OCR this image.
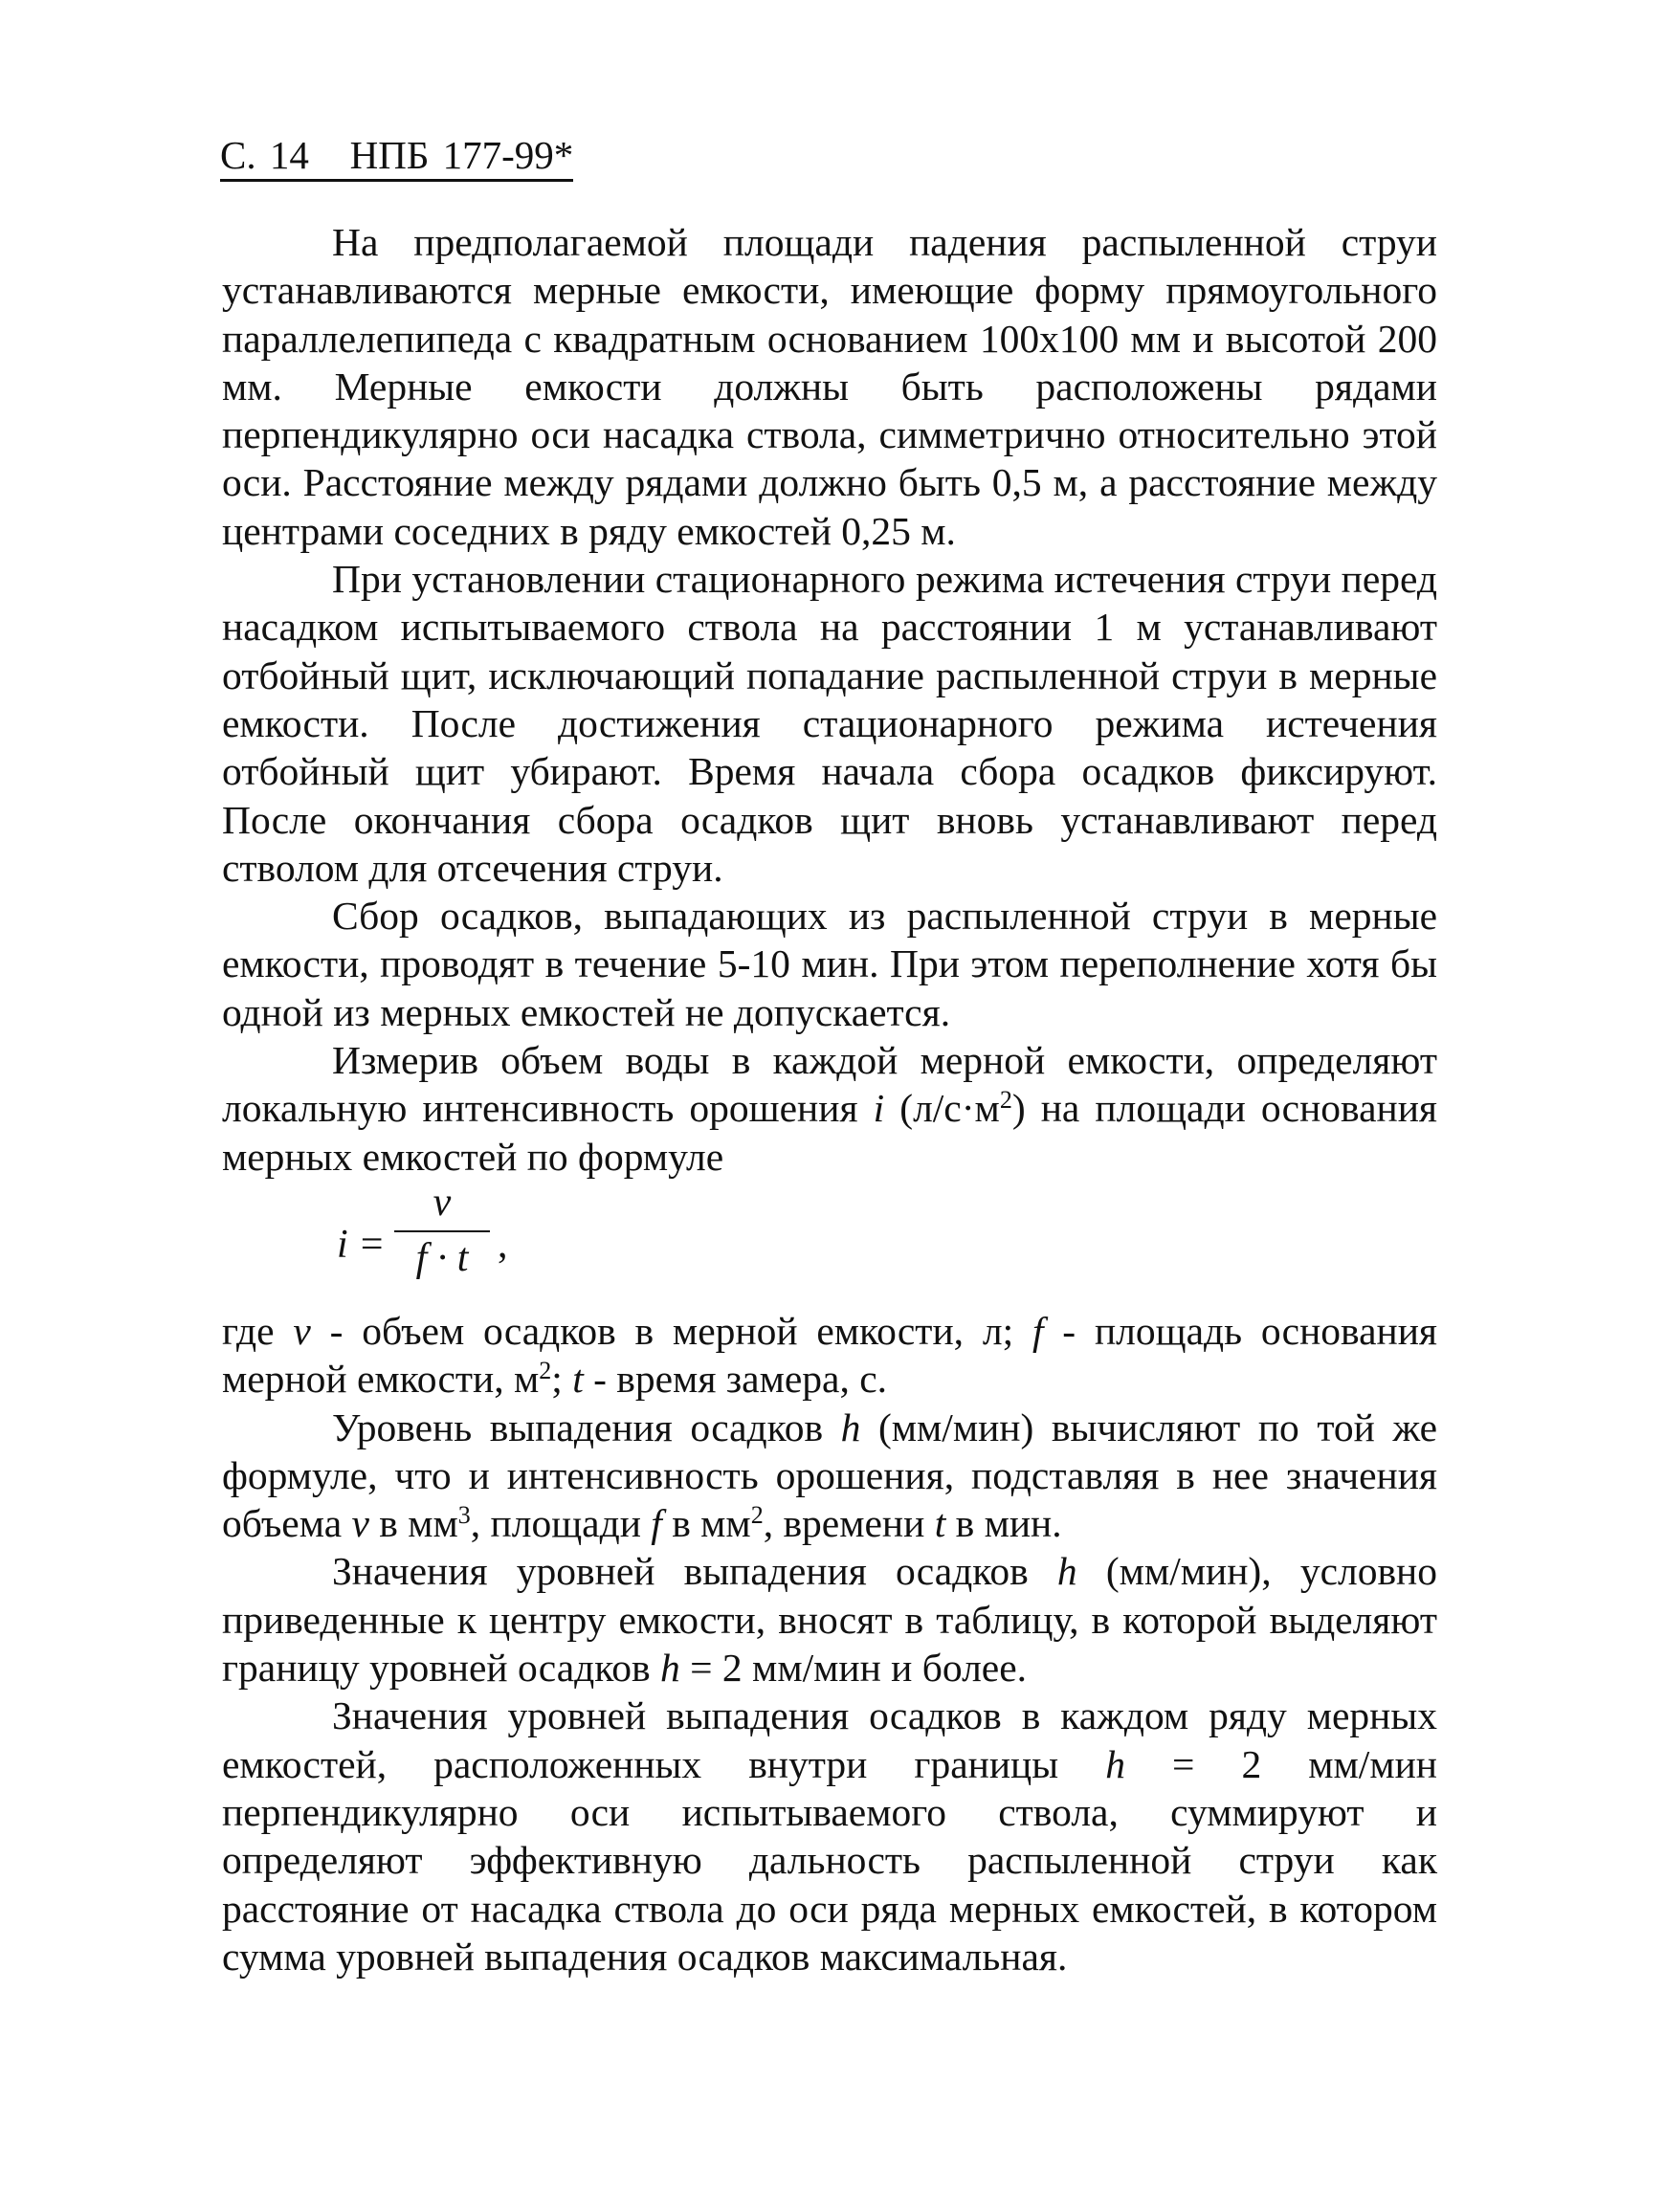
С. 14 НПБ 177-99*

На предполагаемой площади падения распыленной струи устанавливаются мерные емкости, имеющие форму прямоугольного параллелепипеда с квадратным основанием 100х100 мм и высотой 200 мм. Мерные емкости должны быть расположены рядами перпендикулярно оси насадка ствола, симметрично относительно этой оси. Расстояние между рядами должно быть 0,5 м, а расстояние между центрами соседних в ряду емкостей 0,25 м.

При установлении стационарного режима истечения струи перед насадком испытываемого ствола на расстоянии 1 м устанавливают отбойный щит, исключающий попадание распыленной струи в мерные емкости. После достижения стационарного режима истечения отбойный щит убирают. Время начала сбора осадков фиксируют. После окончания сбора осадков щит вновь устанавливают перед стволом для отсечения струи.

Сбор осадков, выпадающих из распыленной струи в мерные емкости, проводят в течение 5-10 мин. При этом переполнение хотя бы одной из мерных емкостей не допускается.

Измерив объем воды в каждой мерной емкости, определяют локальную интенсивность орошения i $(л/с\cdot м^2)$ на площади основания мерных емкостей по формуле

i =
v
f · t ,

где v - объем осадков в мерной емкости, л; f - площадь основания мерной емкости, $м^2$; t - время замера, с.

Уровень выпадения осадков h (мм/мин) вычисляют по той же формуле, что и интенсивность орошения, подставляя в нее значения объема v в $мм^3$, площади f в $мм^2$, времени t в мин.

Значения уровней выпадения осадков h (мм/мин), условно приведенные к центру емкости, вносят в таблицу, в которой выделяют границу уровней осадков h = 2 мм/мин и более.

Значения уровней выпадения осадков в каждом ряду мерных емкостей, расположенных внутри границы h = 2 мм/мин перпендикулярно оси испытываемого ствола, суммируют и определяют эффективную дальность распыленной струи как расстояние от насадка ствола до оси ряда мерных емкостей, в котором сумма уровней выпадения осадков максимальная.
